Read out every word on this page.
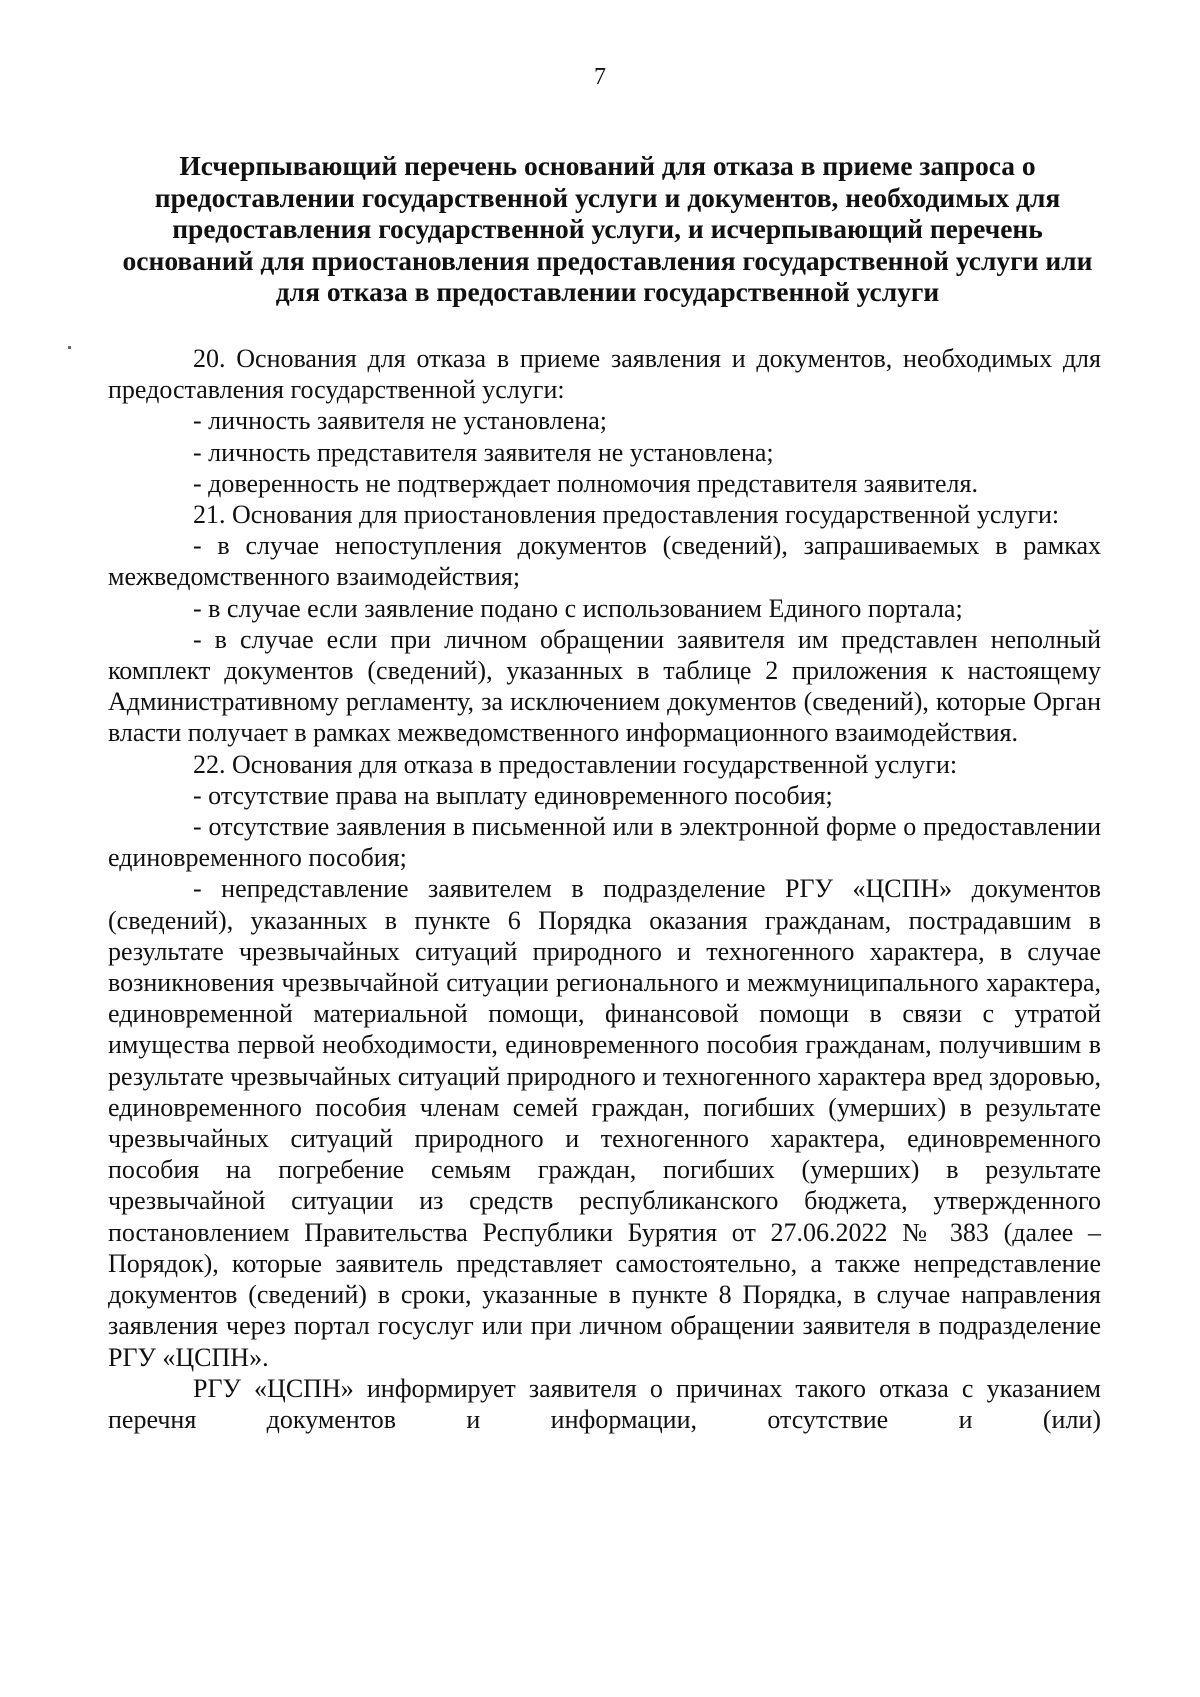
7
Исчерпывающий перечень оснований для отказа в приеме запроса о предоставлении государственной услуги и документов, необходимых для предоставления государственной услуги, и исчерпывающий перечень оснований для приостановления предоставления государственной услуги или для отказа в предоставлении государственной услуги

20. Основания для отказа в приеме заявления и документов, необходимых для предоставления государственной услуги:

- личность заявителя не установлена;

- личность представителя заявителя не установлена;

- доверенность не подтверждает полномочия представителя заявителя.

21. Основания для приостановления предоставления государственной услуги:

- в случае непоступления документов (сведений), запрашиваемых в рамках межведомственного взаимодействия;

- в случае если заявление подано с использованием Единого портала;

- в случае если при личном обращении заявителя им представлен неполный комплект документов (сведений), указанных в таблице 2 приложения к настоящему Административному регламенту, за исключением документов (сведений), которые Орган власти получает в рамках межведомственного информационного взаимодействия.

22. Основания для отказа в предоставлении государственной услуги:

- отсутствие права на выплату единовременного пособия;

- отсутствие заявления в письменной или в электронной форме о предоставлении единовременного пособия;

- непредставление заявителем в подразделение РГУ «ЦСПН» документов (сведений), указанных в пункте 6 Порядка оказания гражданам, пострадавшим в результате чрезвычайных ситуаций природного и техногенного характера, в случае возникновения чрезвычайной ситуации регионального и межмуниципального характера, единовременной материальной помощи, финансовой помощи в связи с утратой имущества первой необходимости, единовременного пособия гражданам, получившим в результате чрезвычайных ситуаций природного и техногенного характера вред здоровью, единовременного пособия членам семей граждан, погибших (умерших) в результате чрезвычайных ситуаций природного и техногенного характера, единовременного пособия на погребение семьям граждан, погибших (умерших) в результате чрезвычайной ситуации из средств республиканского бюджета, утвержденного постановлением Правительства Республики Бурятия от 27.06.2022 № 383 (далее – Порядок), которые заявитель представляет самостоятельно, а также непредставление документов (сведений) в сроки, указанные в пункте 8 Порядка, в случае направления заявления через портал госуслуг или при личном обращении заявителя в подразделение РГУ «ЦСПН».

РГУ «ЦСПН» информирует заявителя о причинах такого отказа с указанием перечня документов и информации, отсутствие и (или)
